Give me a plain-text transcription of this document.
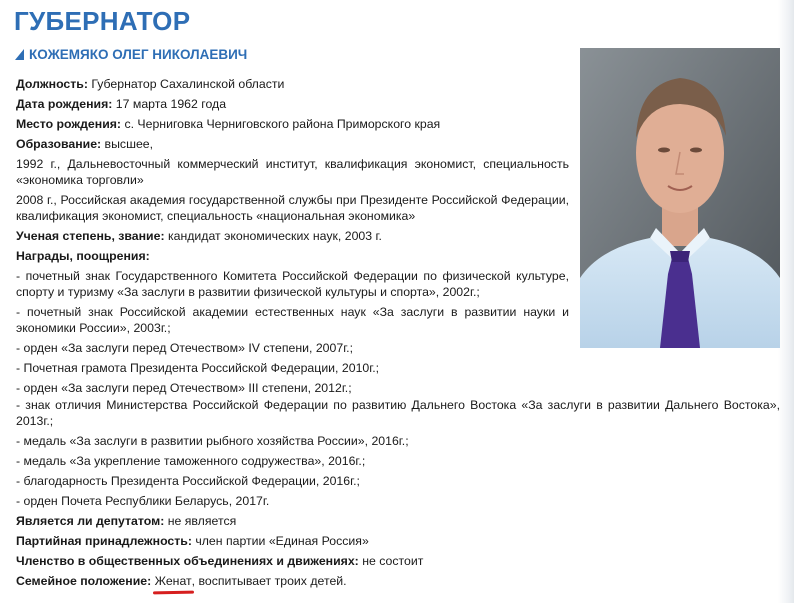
ГУБЕРНАТОР
КОЖЕМЯКО ОЛЕГ НИКОЛАЕВИЧ

Должность: Губернатор Сахалинской области

Дата рождения: 17 марта 1962 года

Место рождения: с. Черниговка Черниговского района Приморского края

Образование: высшее,

1992 г., Дальневосточный коммерческий институт, квалификация экономист, специальность «экономика торговли»

2008 г., Российская академия государственной службы при Президенте Российской Федерации, квалификация экономист, специальность «национальная экономика»

Ученая степень, звание: кандидат экономических наук, 2003 г.

Награды, поощрения:

- почетный знак Государственного Комитета Российской Федерации по физической культуре, спорту и туризму «За заслуги в развитии физической культуры и спорта», 2002г.;

- почетный знак Российской академии естественных наук «За заслуги в развитии науки и экономики России», 2003г.;

- орден «За заслуги перед Отечеством» IV степени, 2007г.;

- Почетная грамота Президента Российской Федерации, 2010г.;

- орден «За заслуги перед Отечеством» III степени, 2012г.;

- знак отличия Министерства Российской Федерации по развитию Дальнего Востока «За заслуги в развитии Дальнего Востока», 2013г.;

- медаль «За заслуги в развитии рыбного хозяйства России», 2016г.;

- медаль «За укрепление таможенного содружества», 2016г.;

- благодарность Президента Российской Федерации, 2016г.;

- орден Почета Республики Беларусь, 2017г.

Является ли депутатом: не является

Партийная принадлежность: член партии «Единая Россия»

Членство в общественных объединениях и движениях: не состоит

Семейное положение: Женат, воспитывает троих детей.
